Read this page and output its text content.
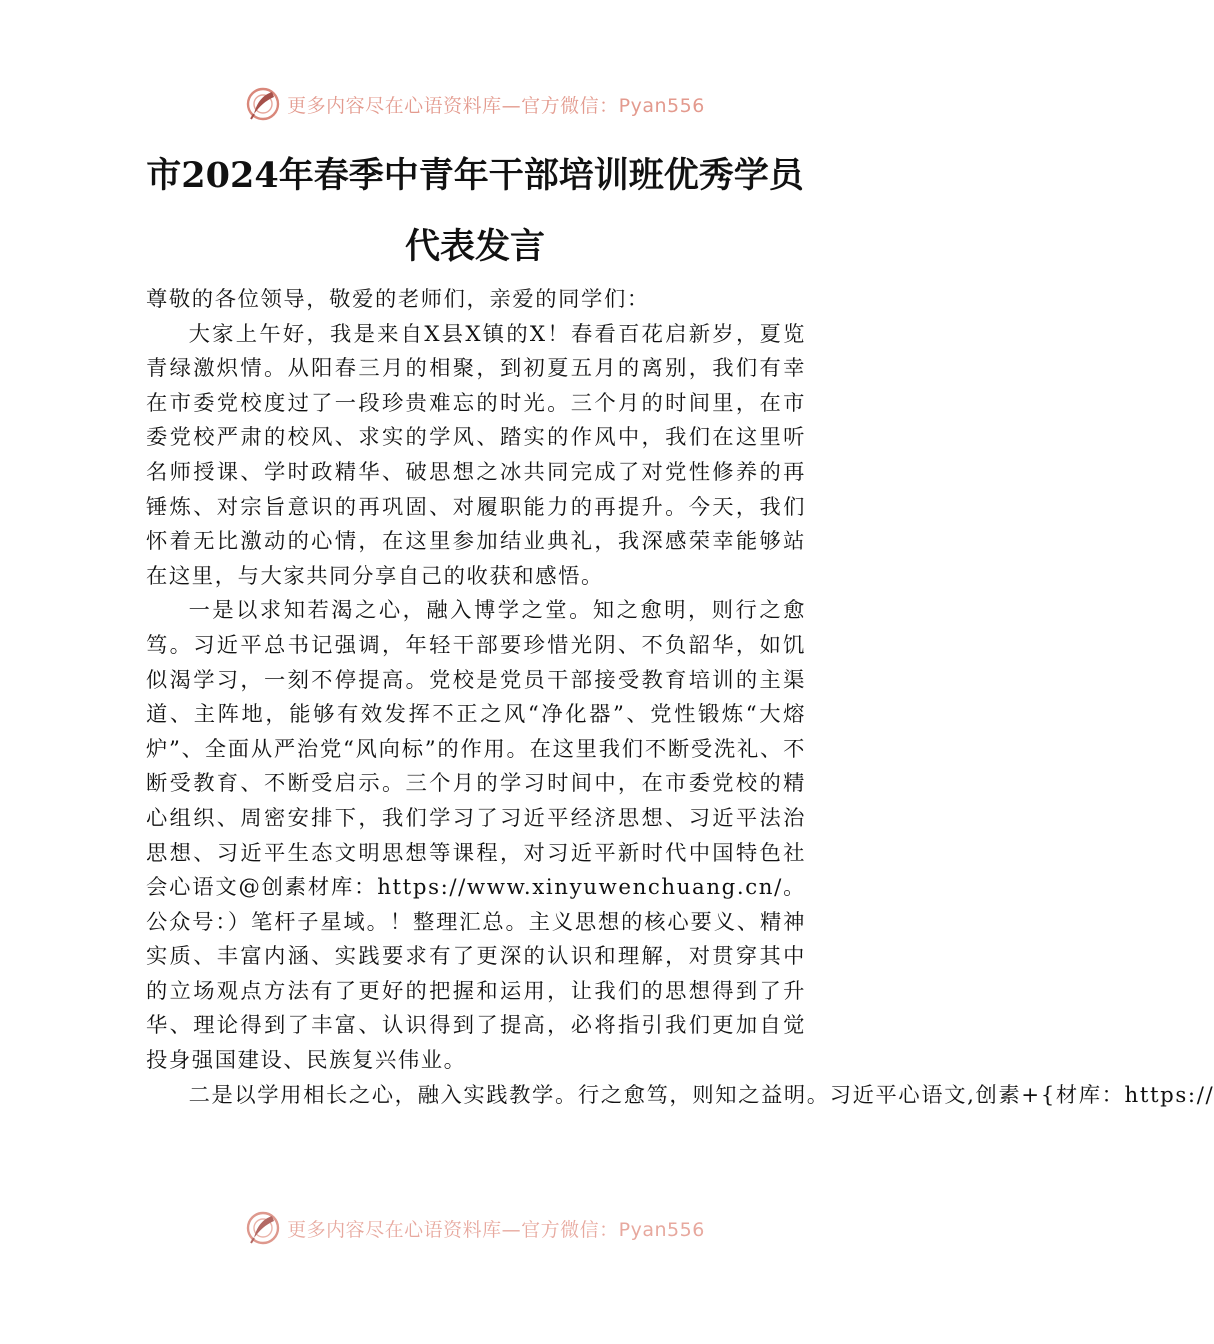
更多内容尽在心语资料库—官方微信：Pyan556
市2024年春季中青年干部培训班优秀学员
代表发言

尊敬的各位领导，敬爱的老师们，亲爱的同学们：

大家上午好，我是来自X县X镇的X！春看百花启新岁，夏览青绿激炽情。从阳春三月的相聚，到初夏五月的离别，我们有幸在市委党校度过了一段珍贵难忘的时光。三个月的时间里，在市委党校严肃的校风、求实的学风、踏实的作风中，我们在这里听名师授课、学时政精华、破思想之冰共同完成了对党性修养的再锤炼、对宗旨意识的再巩固、对履职能力的再提升。今天，我们怀着无比激动的心情，在这里参加结业典礼，我深感荣幸能够站在这里，与大家共同分享自己的收获和感悟。

一是以求知若渴之心，融入博学之堂。知之愈明，则行之愈笃。习近平总书记强调，年轻干部要珍惜光阴、不负韶华，如饥似渴学习，一刻不停提高。党校是党员干部接受教育培训的主渠道、主阵地，能够有效发挥不正之风“净化器”、党性锻炼“大熔炉”、全面从严治党“风向标”的作用。在这里我们不断受洗礼、不断受教育、不断受启示。三个月的学习时间中，在市委党校的精心组织、周密安排下，我们学习了习近平经济思想、习近平法治思想、习近平生态文明思想等课程，对习近平新时代中国特色社会心语文@创素材库：https://www.xinyuwenchuang.cn/。公众号：）笔杆子星域。！整理汇总。主义思想的核心要义、精神实质、丰富内涵、实践要求有了更深的认识和理解，对贯穿其中的立场观点方法有了更好的把握和运用，让我们的思想得到了升华、理论得到了丰富、认识得到了提高，必将指引我们更加自觉投身强国建设、民族复兴伟业。

二是以学用相长之心，融入实践教学。行之愈笃，则知之益明。习近平心语文,创素+{材库：https://

更多内容尽在心语资料库—官方微信：Pyan556
